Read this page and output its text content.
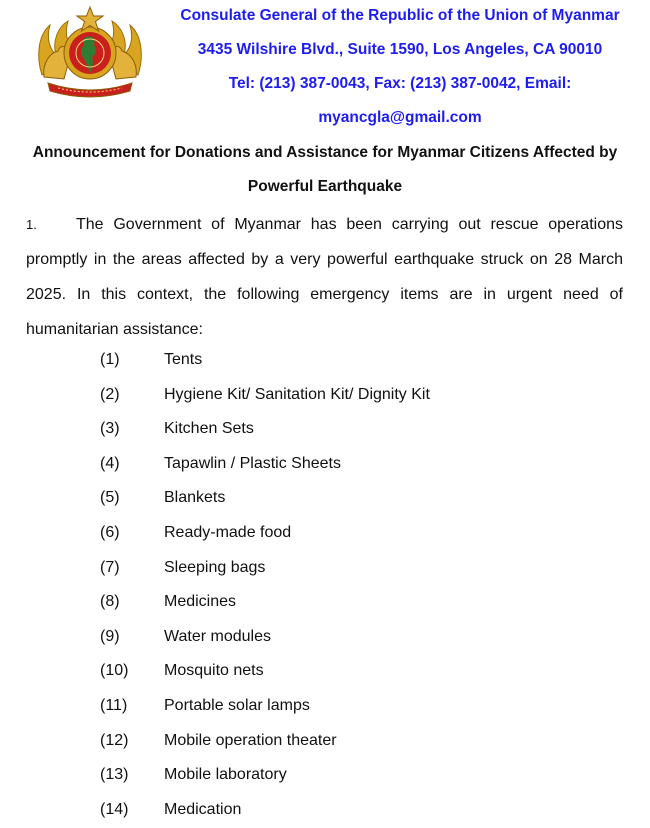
Consulate General of the Republic of the Union of Myanmar
3435 Wilshire Blvd., Suite 1590, Los Angeles, CA 90010
Tel: (213) 387-0043, Fax: (213) 387-0042, Email:
myancgla@gmail.com
Announcement for Donations and Assistance for Myanmar Citizens Affected by
Powerful Earthquake
1. The Government of Myanmar has been carrying out rescue operations promptly in the areas affected by a very powerful earthquake struck on 28 March 2025. In this context, the following emergency items are in urgent need of humanitarian assistance:
(1)	Tents
(2)	Hygiene Kit/ Sanitation Kit/ Dignity Kit
(3)	Kitchen Sets
(4)	Tapawlin / Plastic Sheets
(5)	Blankets
(6)	Ready-made food
(7)	Sleeping bags
(8)	Medicines
(9)	Water modules
(10) Mosquito nets
(11) Portable solar lamps
(12) Mobile operation theater
(13) Mobile laboratory
(14) Medication
